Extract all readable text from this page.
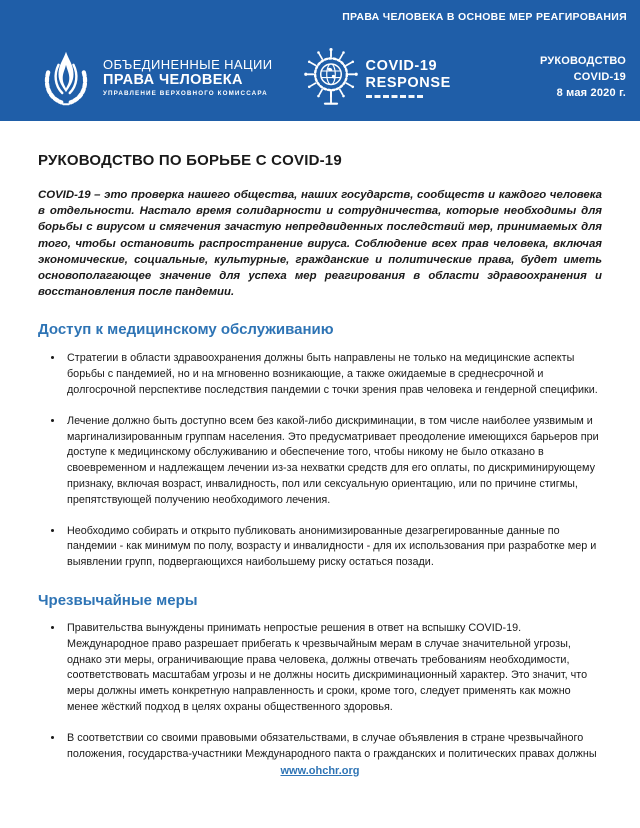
ПРАВА ЧЕЛОВЕКА В ОСНОВЕ МЕР РЕАГИРОВАНИЯ
ОБЪЕДИНЕННЫЕ НАЦИИ
ПРАВА ЧЕЛОВЕКА
УПРАВЛЕНИЕ ВЕРХОВНОГО КОМИССАРА
COVID-19
RESPONSE
РУКОВОДСТВО
COVID-19
8 мая 2020 г.
РУКОВОДСТВО ПО БОРЬБЕ С COVID-19

COVID-19 – это проверка нашего общества, наших государств, сообществ и каждого человека в отдельности. Настало время солидарности и сотрудничества, которые необходимы для борьбы с вирусом и смягчения зачастую непредвиденных последствий мер, принимаемых для того, чтобы остановить распространение вируса. Соблюдение всех прав человека, включая экономические, социальные, культурные, гражданские и политические права, будет иметь основополагающее значение для успеха мер реагирования в области здравоохранения и восстановления после пандемии.

Доступ к медицинскому обслуживанию
• Стратегии в области здравоохранения должны быть направлены не только на медицинские аспекты борьбы с пандемией, но и на мгновенно возникающие, а также ожидаемые в среднесрочной и долгосрочной перспективе последствия пандемии с точки зрения прав человека и гендерной специфики.
• Лечение должно быть доступно всем без какой-либо дискриминации, в том числе наиболее уязвимым и маргинализированным группам населения. Это предусматривает преодоление имеющихся барьеров при доступе к медицинскому обслуживанию и обеспечение того, чтобы никому не было отказано в своевременном и надлежащем лечении из-за нехватки средств для его оплаты, по дискриминирующему признаку, включая возраст, инвалидность, пол или сексуальную ориентацию, или по причине стигмы, препятствующей получению необходимого лечения.
• Необходимо собирать и открыто публиковать анонимизированные дезагрегированные данные по пандемии - как минимум по полу, возрасту и инвалидности - для их использования при разработке мер и выявлении групп, подвергающихся наибольшему риску остаться позади.
Чрезвычайные меры
• Правительства вынуждены принимать непростые решения в ответ на вспышку COVID-19. Международное право разрешает прибегать к чрезвычайным мерам в случае значительной угрозы, однако эти меры, ограничивающие права человека, должны отвечать требованиям необходимости, соответствовать масштабам угрозы и не должны носить дискриминационный характер. Это значит, что меры должны иметь конкретную направленность и сроки, кроме того, следует применять как можно менее жёсткий подход в целях охраны общественного здоровья.
• В соответствии со своими правовыми обязательствами, в случае объявления в стране чрезвычайного положения, государства-участники Международного пакта о гражданских и политических правах должны
www.ohchr.org
